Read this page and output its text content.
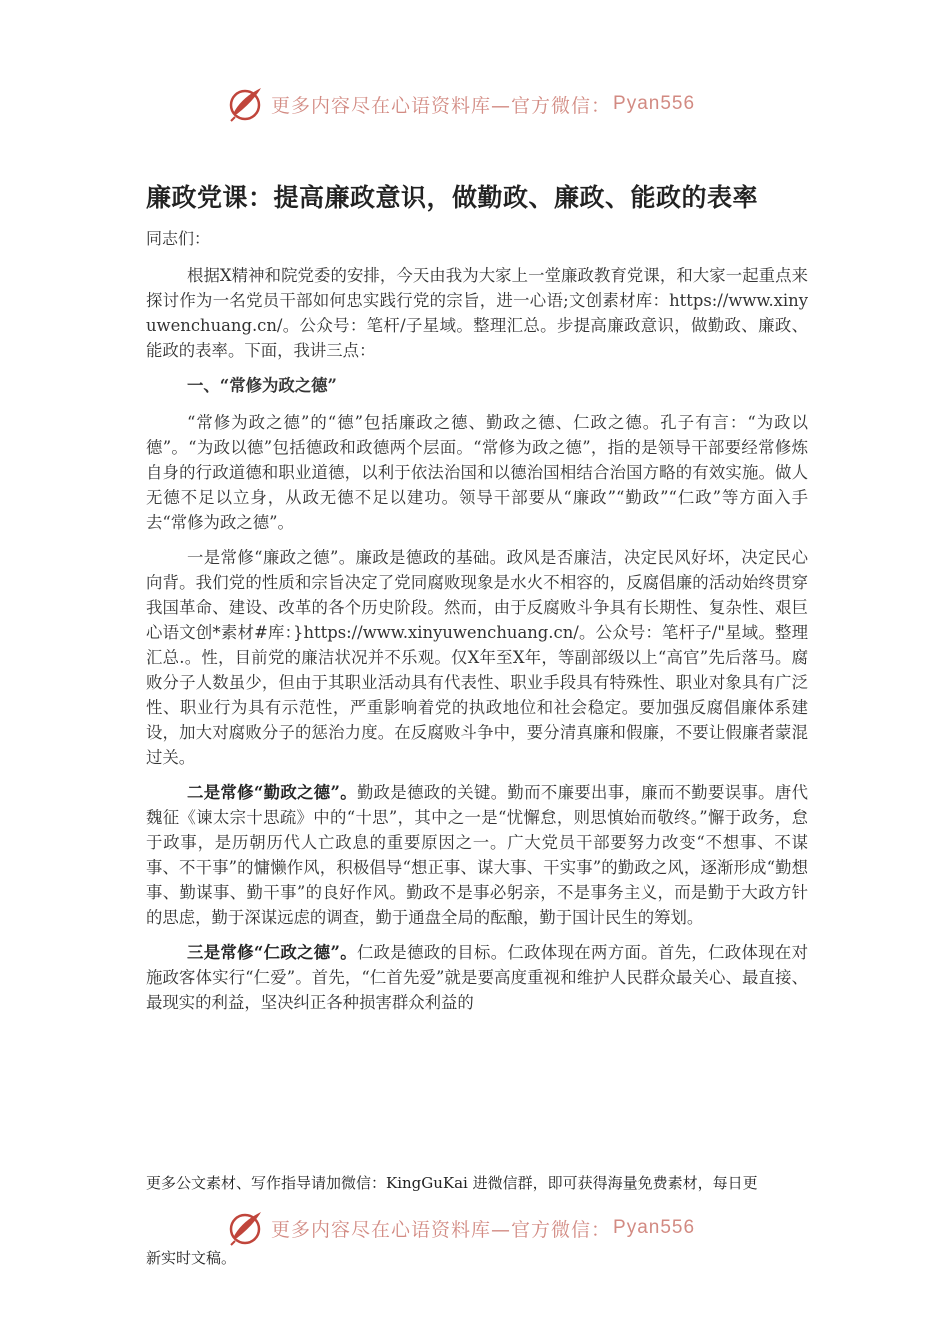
更多内容尽在心语资料库—官方微信： Pyan556
廉政党课：提高廉政意识，做勤政、廉政、能政的表率
同志们：

根据X精神和院党委的安排，今天由我为大家上一堂廉政教育党课，和大家一起重点来探讨作为一名党员干部如何忠实践行党的宗旨，进一心语;文创素材库：https://www.xinyuwenchuang.cn/。公众号：笔杆/子星域。整理汇总。步提高廉政意识，做勤政、廉政、能政的表率。下面，我讲三点：

一、“常修为政之德”

“常修为政之德”的“德”包括廉政之德、勤政之德、仁政之德。孔子有言：“为政以德”。“为政以德”包括德政和政德两个层面。“常修为政之德”，指的是领导干部要经常修炼自身的行政道德和职业道德，以利于依法治国和以德治国相结合治国方略的有效实施。做人无德不足以立身，从政无德不足以建功。领导干部要从“廉政”“勤政”“仁政”等方面入手去“常修为政之德”。

一是常修“廉政之德”。廉政是德政的基础。政风是否廉洁，决定民风好坏，决定民心向背。我们党的性质和宗旨决定了党同腐败现象是水火不相容的，反腐倡廉的活动始终贯穿我国革命、建设、改革的各个历史阶段。然而，由于反腐败斗争具有长期性、复杂性、艰巨心语文创*素材#库：}https://www.xinyuwenchuang.cn/。公众号：笔杆子/"星域。整理汇总.。性，目前党的廉洁状况并不乐观。仅X年至X年，等副部级以上“高官”先后落马。腐败分子人数虽少，但由于其职业活动具有代表性、职业手段具有特殊性、职业对象具有广泛性、职业行为具有示范性，严重影响着党的执政地位和社会稳定。要加强反腐倡廉体系建设，加大对腐败分子的惩治力度。在反腐败斗争中，要分清真廉和假廉，不要让假廉者蒙混过关。

二是常修“勤政之德”。勤政是德政的关键。勤而不廉要出事，廉而不勤要误事。唐代魏征《谏太宗十思疏》中的“十思”，其中之一是“忧懈怠，则思慎始而敬终。”懈于政务，怠于政事，是历朝历代人亡政息的重要原因之一。广大党员干部要努力改变“不想事、不谋事、不干事”的慵懒作风，积极倡导“想正事、谋大事、干实事”的勤政之风，逐渐形成“勤想事、勤谋事、勤干事”的良好作风。勤政不是事必躬亲，不是事务主义，而是勤于大政方针的思虑，勤于深谋远虑的调查，勤于通盘全局的酝酿，勤于国计民生的筹划。

三是常修“仁政之德”。仁政是德政的目标。仁政体现在两方面。首先，仁政体现在对施政客体实行“仁爱”。首先，“仁首先爱”就是要高度重视和维护人民群众最关心、最直接、最现实的利益，坚决纠正各种损害群众利益的

更多公文素材、写作指导请加微信：KingGuKai 进微信群，即可获得海量免费素材，每日更
更多内容尽在心语资料库—官方微信： Pyan556
新实时文稿。
